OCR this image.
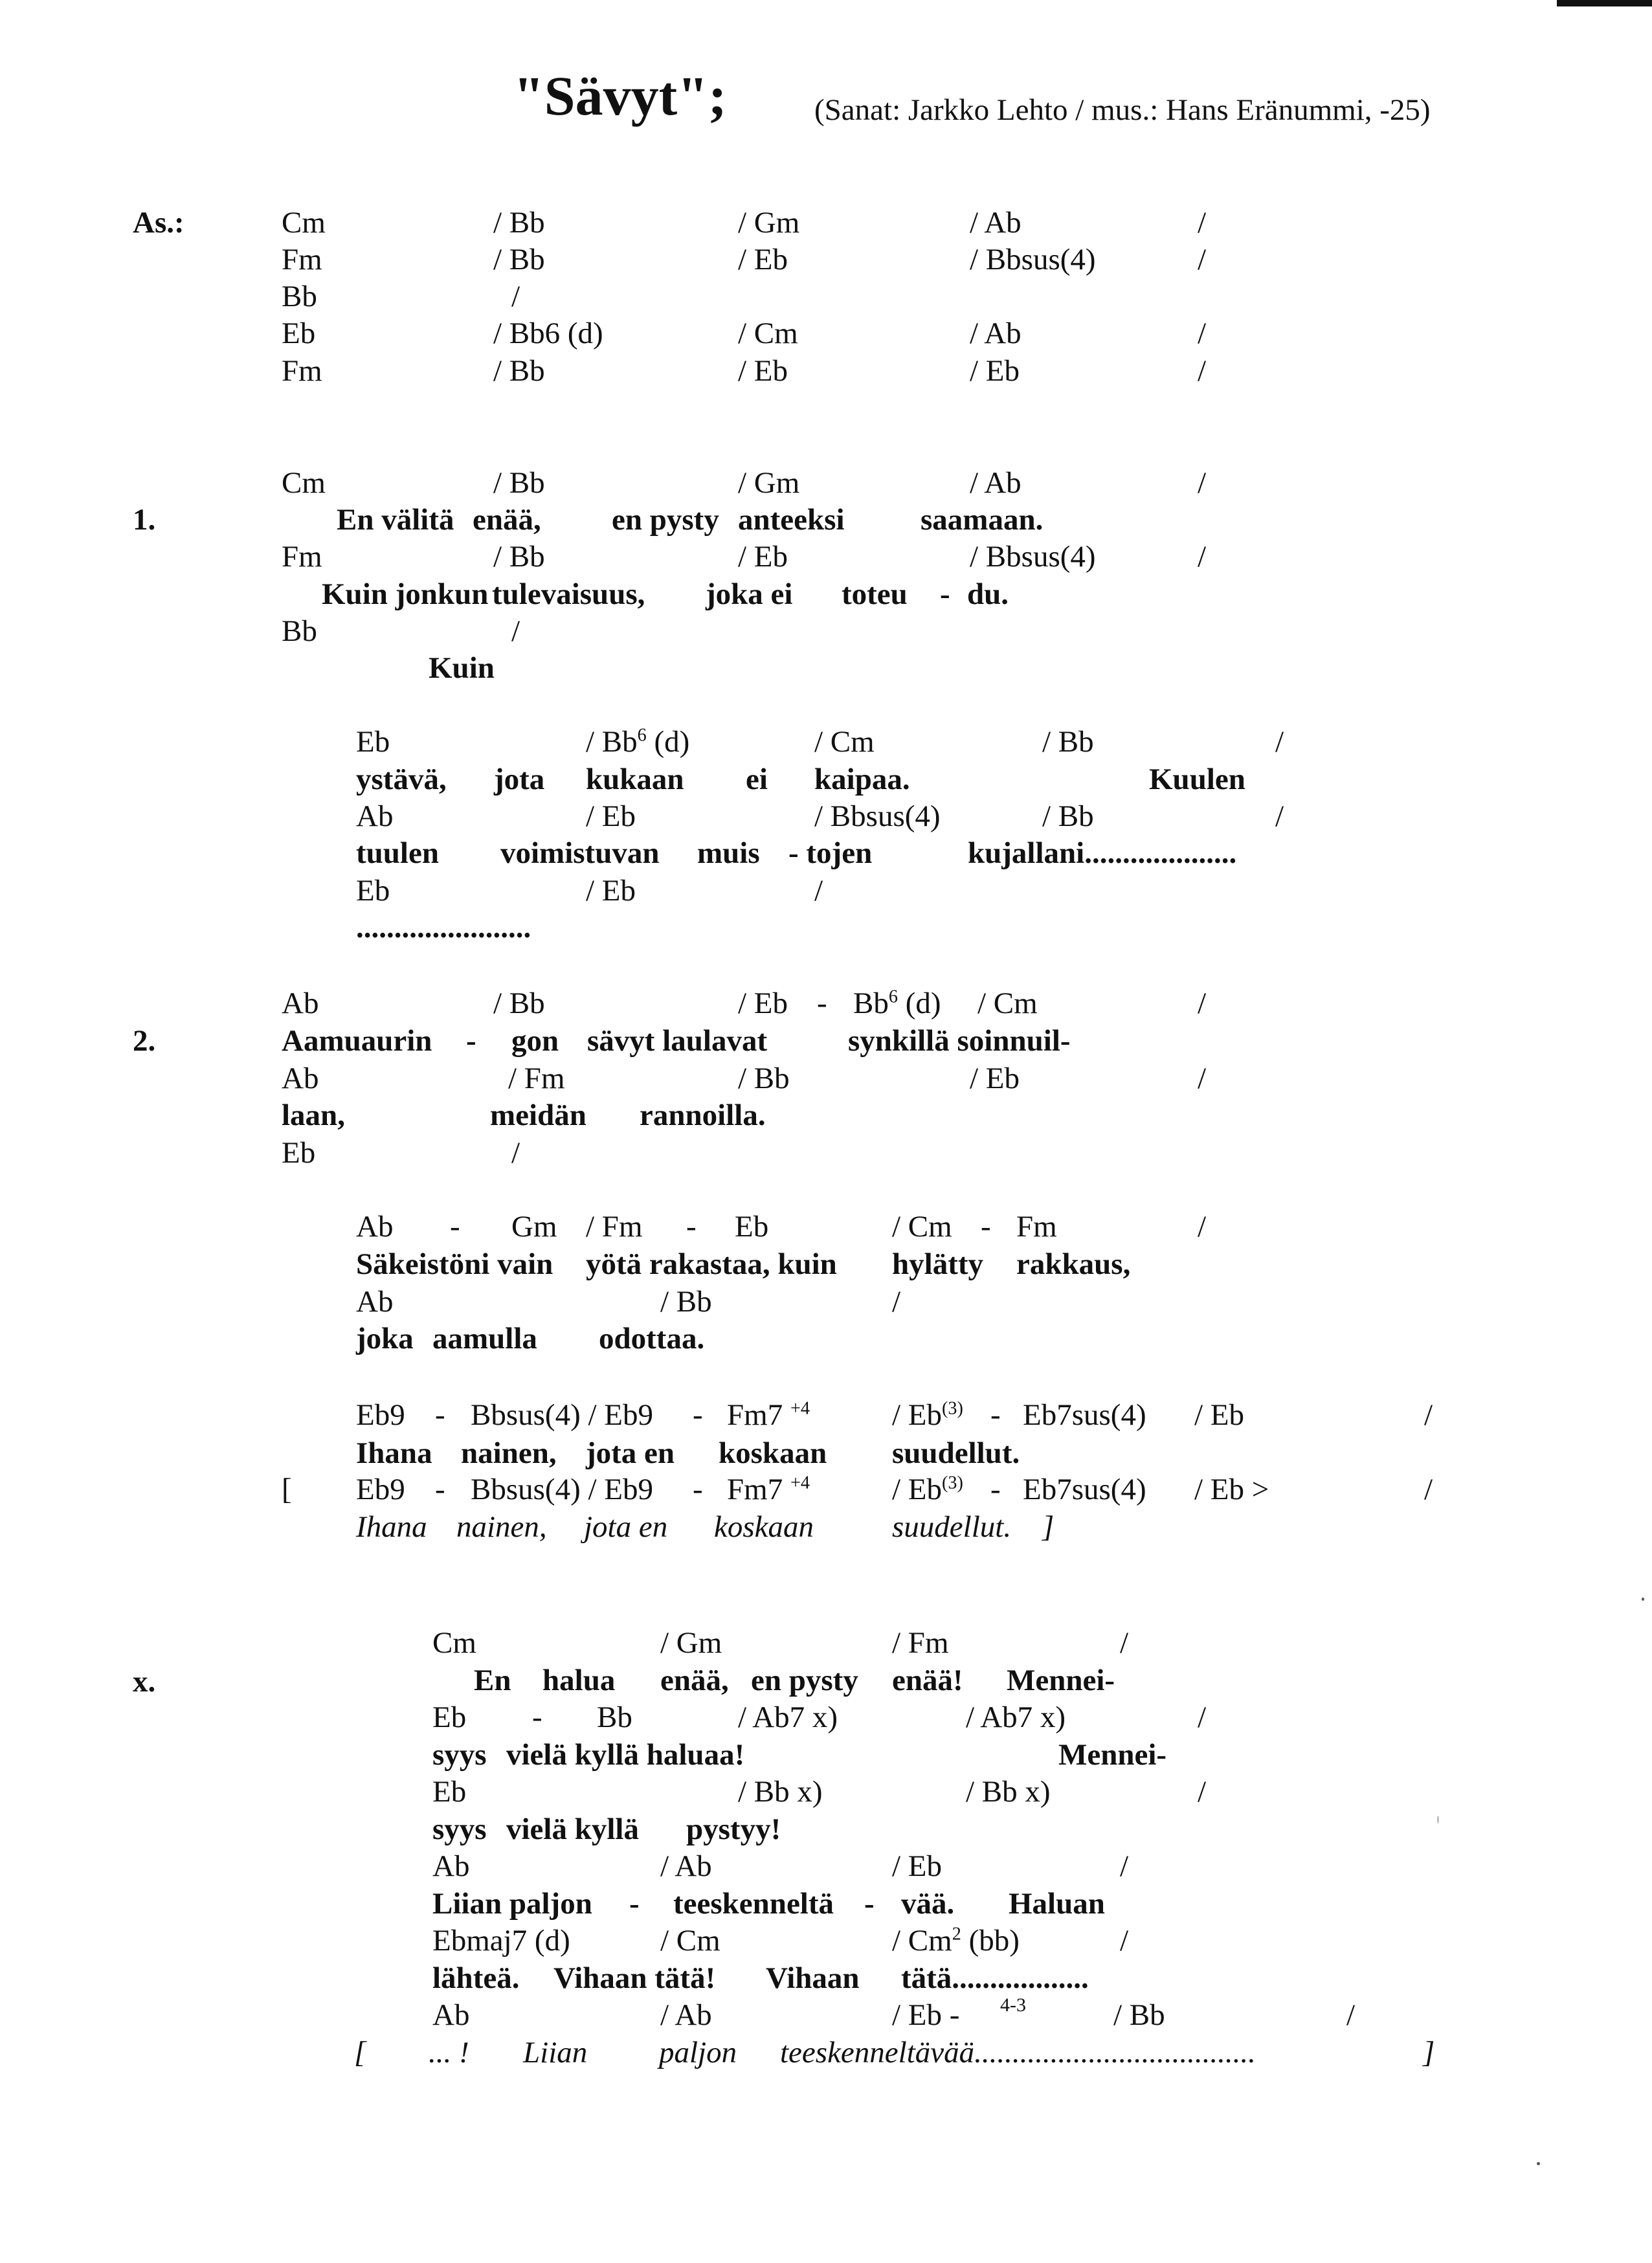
"Sävyt";	(Sanat: Jarkko Lehto / mus.: Hans Eränummi, -25)
As.:	Cm	/ Bb	/ Gm	/ Ab	/
Fm	/ Bb	/ Eb	/ Bbsus(4)	/
Bb	/
Eb	/ Bb6 (d)	/ Cm	/ Ab	/
Fm	/ Bb	/ Eb	/ Eb	/
1.
Cm	/ Bb	/ Gm	/ Ab	/
En välitä enää, en pysty anteeksi	saamaan.
Fm	/ Bb	/ Eb	/ Bbsus(4)	/
Kuin jonkun tulevaisuus, joka ei toteu - du.
Bb	/
Kuin
Eb	/ Bb$^6$ (d)	/ Cm	/ Bb	/
ystävä, jota kukaan ei kaipaa.	Kuulen
Ab	/ Eb	/ Bbsus(4)	/ Bb	/
tuulen voimistuvan muis - tojen	kujallani....................
Eb	/ Eb	/
.......................
2.
Ab	/ Bb	/ Eb - Bb$^6$ (d) / Cm	/
Aamuaurin - gon sävyt laulavat	synkillä soinnuil-
Ab	/ Fm	/ Bb	/ Eb	/
laan,	meidän rannoilla.
Eb	/
Ab - Gm / Fm - Eb	/ Cm - Fm	/
Säkeistöni vain yötä rakastaa, kuin hylätty rakkaus,
Ab	/ Bb	/
joka aamulla odottaa.
Eb9 - Bbsus(4) / Eb9 - Fm7 $^{+4}$	/ Eb$^{(3)}$ - Eb7sus(4) / Eb	/
Ihana nainen, jota en koskaan suudellut.
[ Eb9 - Bbsus(4) / Eb9 - Fm7 $^{+4}$	/ Eb$^{(3)}$ - Eb7sus(4) / Eb >	/
Ihana nainen, jota en koskaan	suudellut. ]
x.
Cm	/ Gm	/ Fm	/
En halua enää, en pysty enää! Mennei-
Eb - Bb	/ Ab7 x)	/ Ab7 x)	/
syys vielä kyllä haluaa!	Mennei-
Eb	/ Bb x)	/ Bb x)	/
syys vielä kyllä pystyy!
Ab	/ Ab	/ Eb	/
Liian paljon - teeskenneltä - vää. Haluan
Ebmaj7 (d)	/ Cm	/ Cm$^2$ (bb)	/
lähteä. Vihaan tätä! Vihaan tätä..................
Ab	/ Ab	/ Eb - 4-3	/ Bb	/
[ ... ! Liian paljon teeskenneltävää.....................................	]
